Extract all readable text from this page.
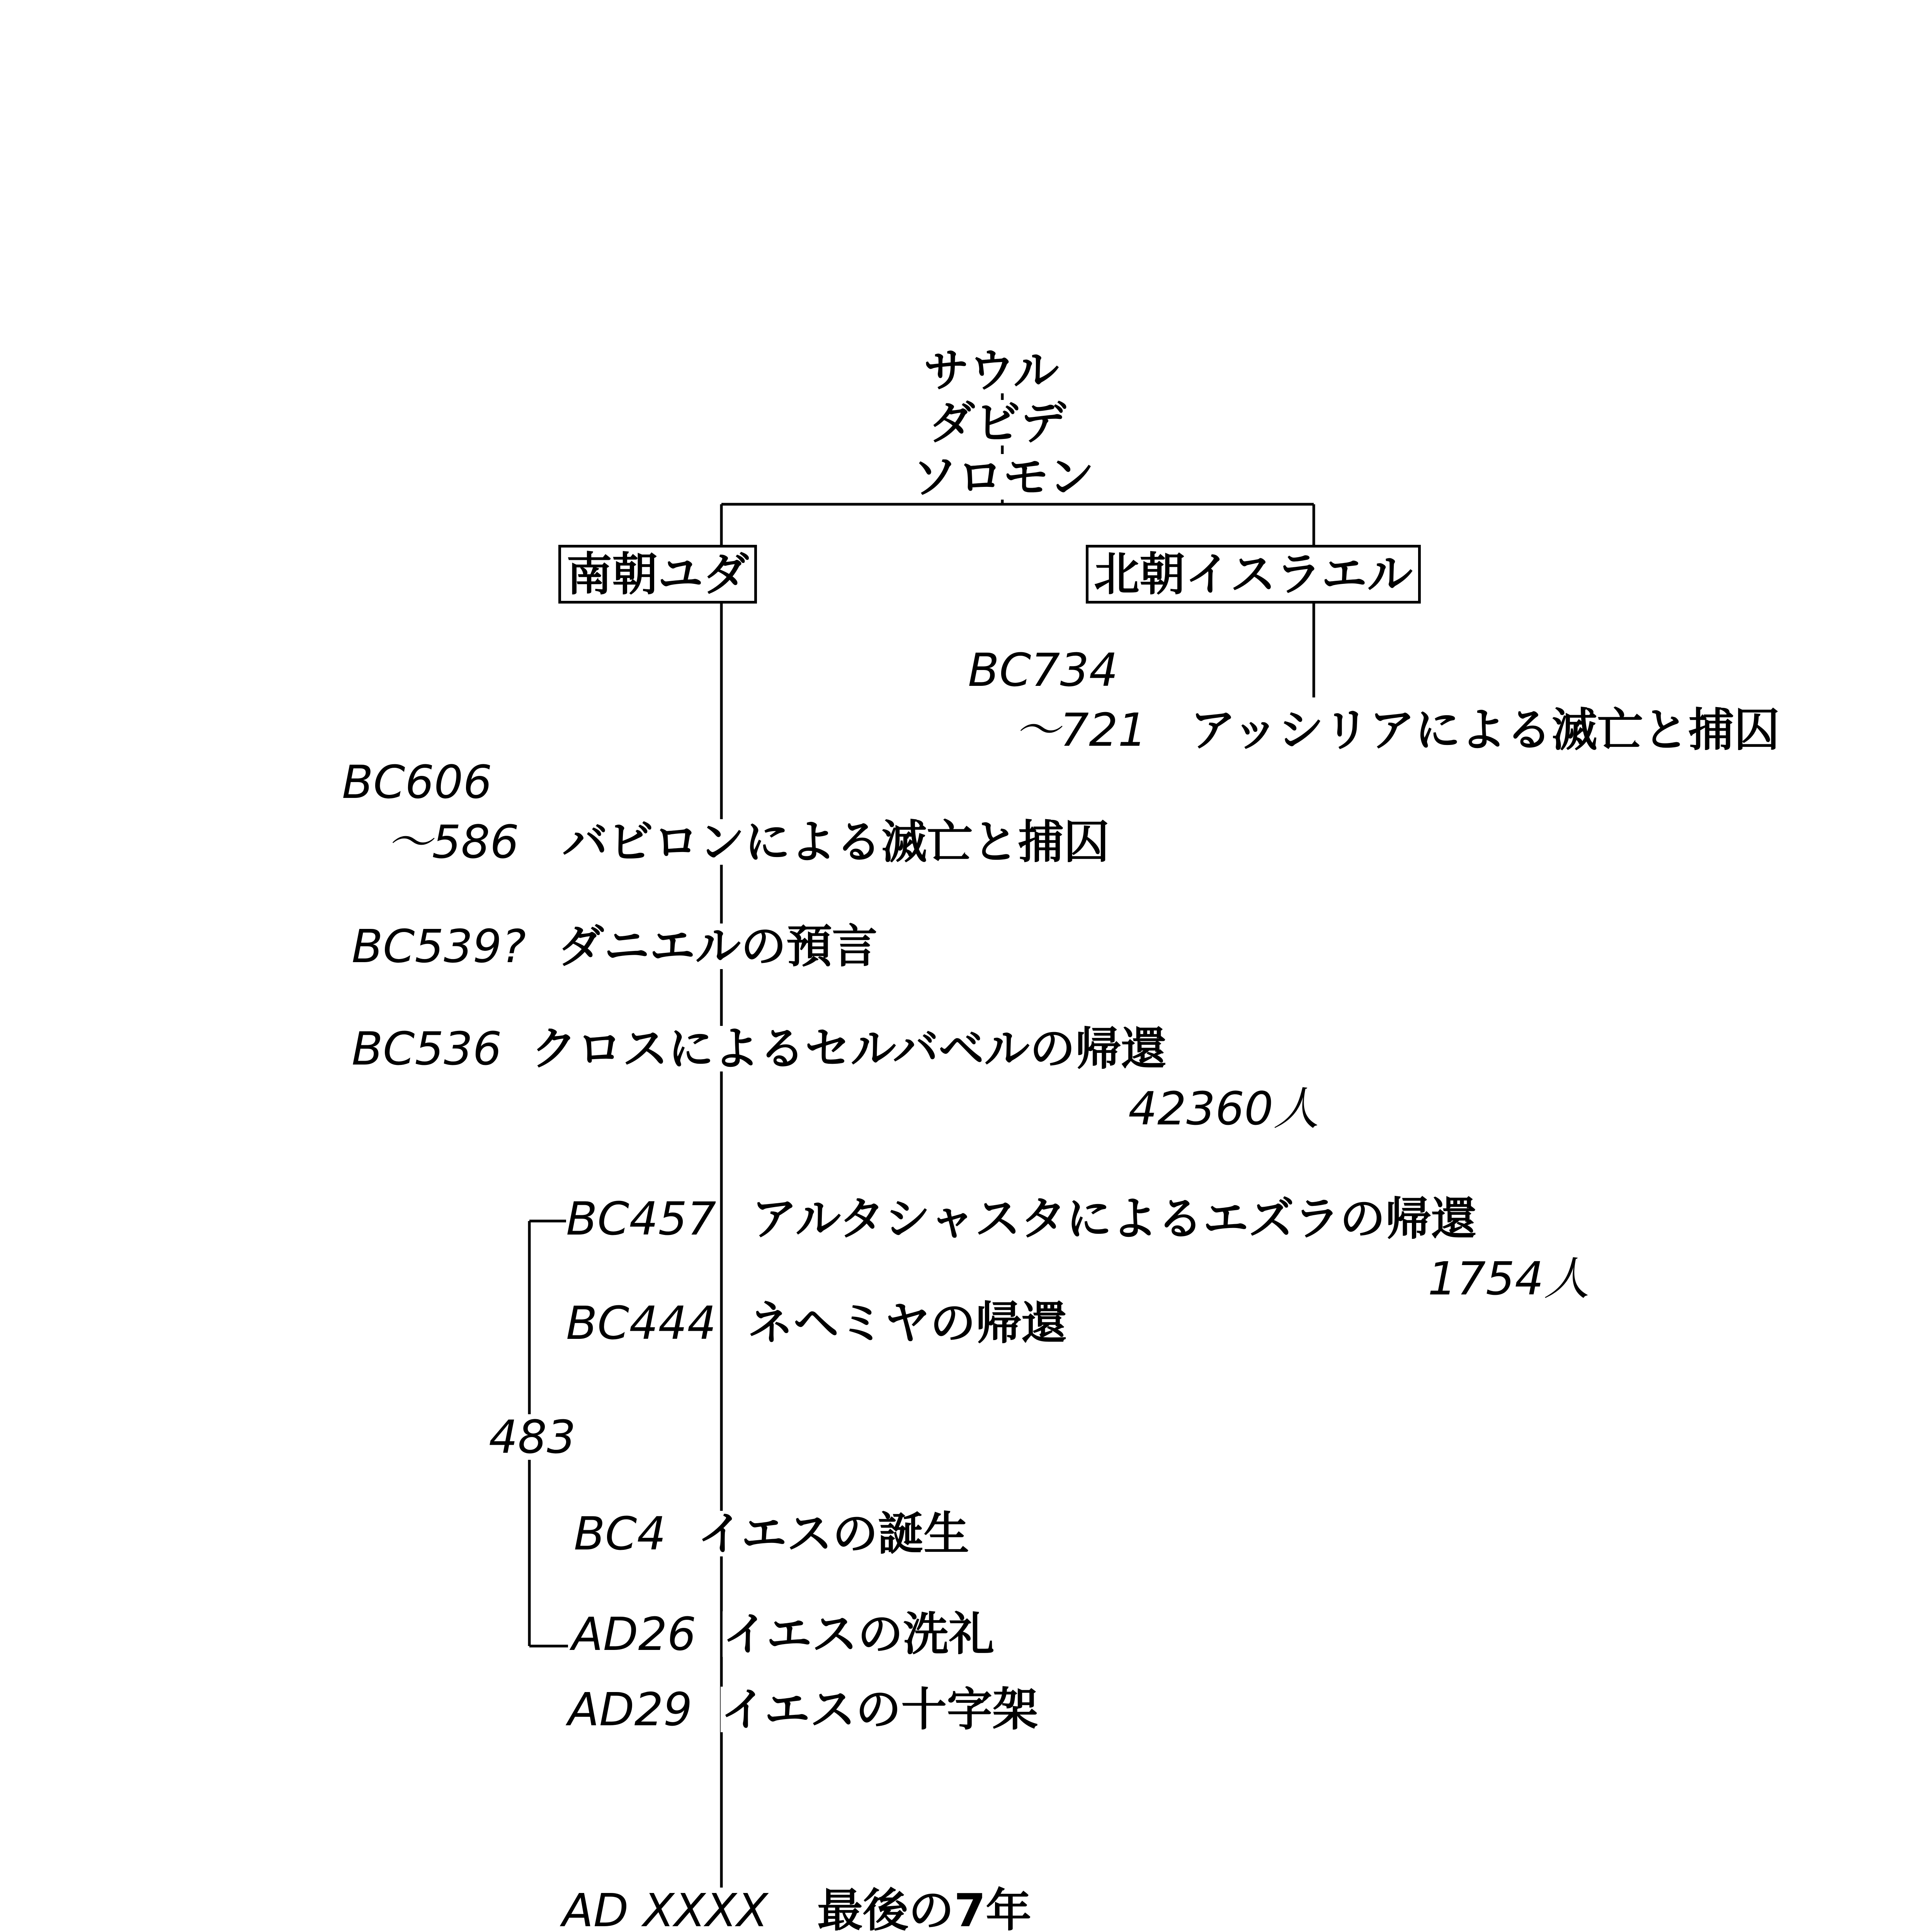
サウル
ダビデ
ソロモン
南朝ユダ	北朝イスラエル
BC734
～721 アッシリアによる滅亡と捕囚
BC606
～586 バビロンによる滅亡と捕囚
BC539? ダニエルの預言
BC536 クロスによるセルバベルの帰還
42360人
BC457 アルタシャスタによるエズラの帰還
1754人
BC444 ネヘミヤの帰還
483
BC4 イエスの誕生
AD26 イエスの洗礼
AD29 イエスの十字架
AD XXXX 最後の7年
